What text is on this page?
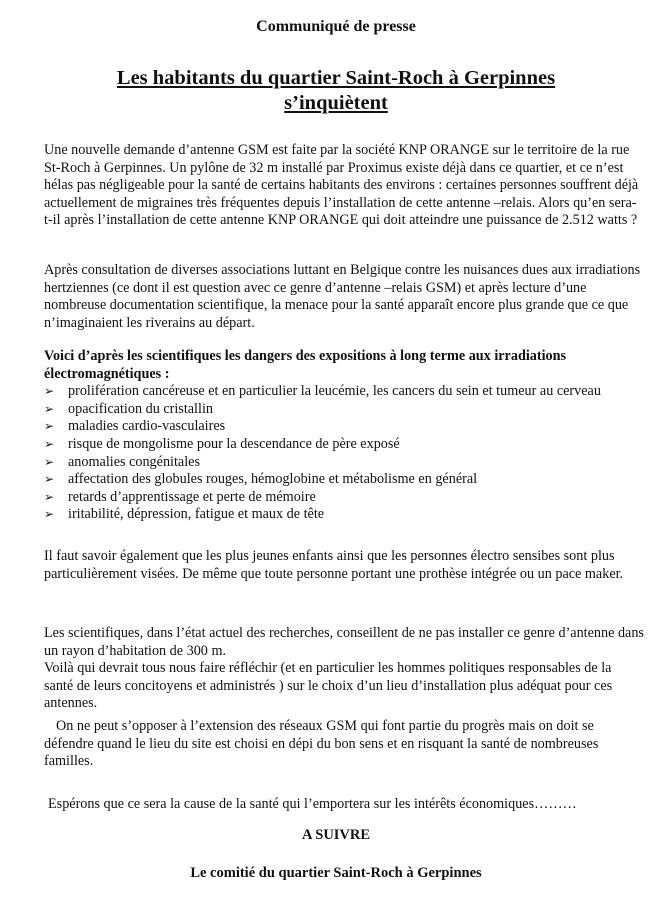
Communiqué de presse
Les habitants du quartier Saint-Roch à Gerpinnes
s’inquiètent

Une nouvelle demande d’antenne GSM est faite par la société KNP ORANGE sur le territoire de la rue St-Roch à Gerpinnes. Un pylône de 32 m installé par Proximus existe déjà dans ce quartier, et ce n’est hélas pas négligeable pour la santé de certains habitants des environs : certaines personnes souffrent déjà actuellement de migraines très fréquentes depuis l’installation de cette antenne –relais. Alors qu’en sera-t-il après l’installation de cette antenne KNP ORANGE qui doit atteindre une puissance de 2.512 watts ?

Après consultation de diverses associations luttant en Belgique contre les nuisances dues aux irradiations hertziennes (ce dont il est question avec ce genre d’antenne –relais GSM) et après lecture d’une nombreuse documentation scientifique, la menace pour la santé apparaît encore plus grande que ce que n’imaginaient les riverains au départ.

Voici d’après les scientifiques les dangers des expositions à long terme aux irradiations électromagnétiques :

➢ prolifération cancéreuse et en particulier la leucémie, les cancers du sein et tumeur au cerveau
➢ opacification du cristallin
➢ maladies cardio-vasculaires
➢ risque de mongolisme pour la descendance de père exposé
➢ anomalies congénitales
➢ affectation des globules rouges, hémoglobine et métabolisme en général
➢ retards d’apprentissage et perte de mémoire
➢ iritabilité, dépression, fatigue et maux de tête

Il faut savoir également que les plus jeunes enfants ainsi que les personnes électro sensibes sont plus particulièrement visées. De même que toute personne portant une prothèse intégrée ou un pace maker.

Les scientifiques, dans l’état actuel des recherches, conseillent de ne pas installer ce genre d’antenne dans un rayon d’habitation de 300 m.

Voilà qui devrait tous nous faire réfléchir (et en particulier les hommes politiques responsables de la santé de leurs concitoyens et administrés ) sur le choix d’un lieu d’installation plus adéquat pour ces antennes.

On ne peut s’opposer à l’extension des réseaux GSM qui font partie du progrès mais on doit se défendre quand le lieu du site est choisi en dépi du bon sens et en risquant la santé de nombreuses familles.

Espérons que ce sera la cause de la santé qui l’emportera sur les intérêts économiques………

A SUIVRE
Le comitié du quartier Saint-Roch à Gerpinnes
